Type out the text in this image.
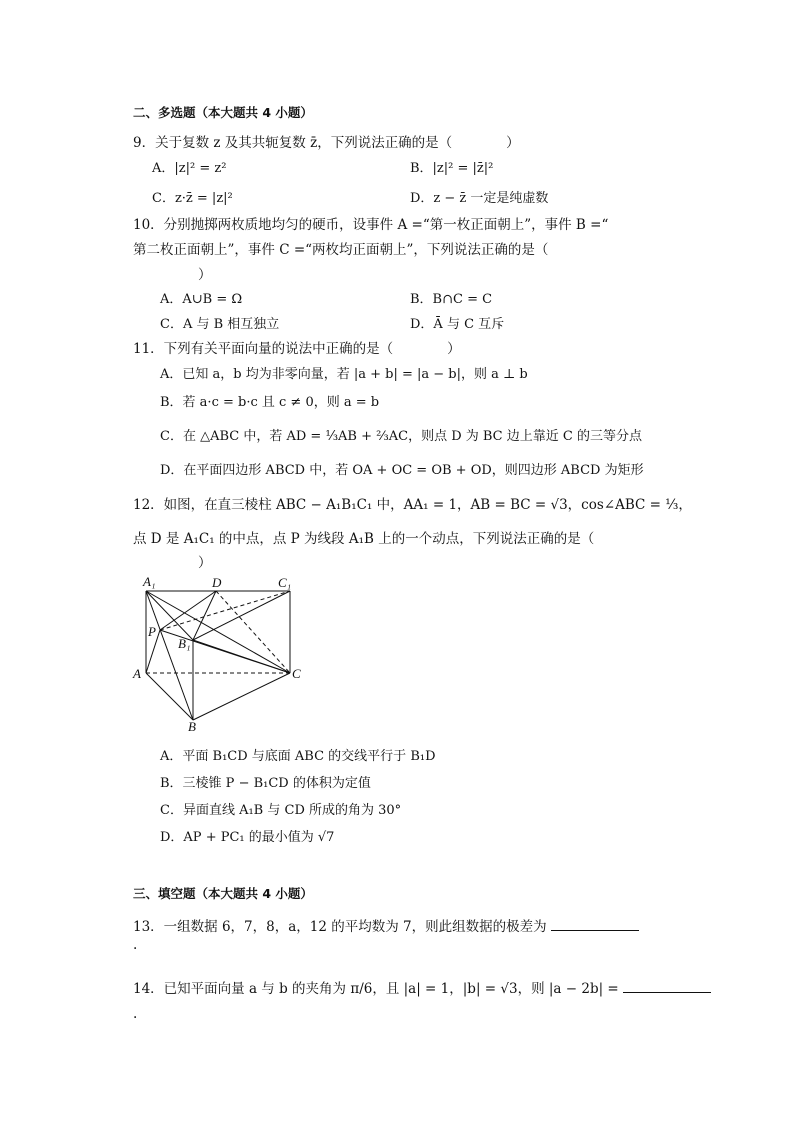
二、多选题（本大题共 4 小题）
9．关于复数 z 及其共轭复数 z̄，下列说法正确的是（　　　　）
A．|z|² = z²	B．|z|² = |z̄|²
C．z·z̄ = |z|²	D．z − z̄ 一定是纯虚数
10．分别抛掷两枚质地均匀的硬币，设事件 A =“第一枚正面朝上”，事件 B =“
第二枚正面朝上”，事件 C =“两枚均正面朝上”，下列说法正确的是（
　　）
A．A∪B = Ω	B．B∩C = C
C．A 与 B 相互独立	D．Ā 与 C 互斥
11．下列有关平面向量的说法中正确的是（　　　　）
A．已知 a，b 均为非零向量，若 |a + b| = |a − b|，则 a ⊥ b
B．若 a·c = b·c 且 c ≠ 0，则 a = b
C．在 △ABC 中，若 AD = ⅓AB + ⅔AC，则点 D 为 BC 边上靠近 C 的三等分点
D．在平面四边形 ABCD 中，若 OA + OC = OB + OD，则四边形 ABCD 为矩形
12．如图，在直三棱柱 ABC − A₁B₁C₁ 中，AA₁ = 1，AB = BC = √3，cos∠ABC = ⅓，
点 D 是 A₁C₁ 的中点，点 P 为线段 A₁B 上的一个动点，下列说法正确的是（
　　）
A₁	D	C₁
P
B₁
A	C
B
A．平面 B₁CD 与底面 ABC 的交线平行于 B₁D
B．三棱锥 P − B₁CD 的体积为定值
C．异面直线 A₁B 与 CD 所成的角为 30°
D．AP + PC₁ 的最小值为 √7
三、填空题（本大题共 4 小题）
13．一组数据 6，7，8，a，12 的平均数为 7，则此组数据的极差为
.
14．已知平面向量 a 与 b 的夹角为 π/6，且 |a| = 1，|b| = √3，则 |a − 2b| =
.
